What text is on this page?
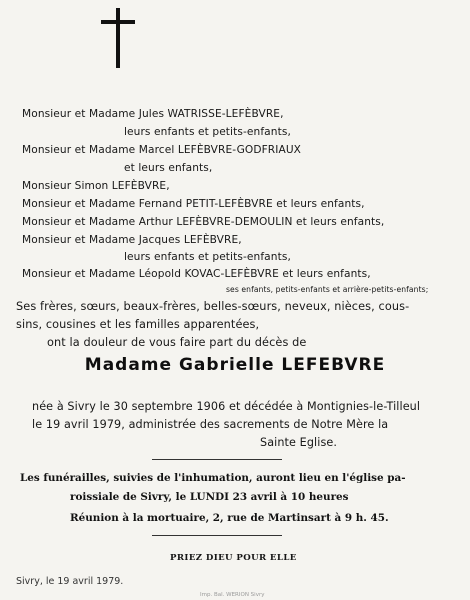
Monsieur et Madame Jules WATRISSE-LEFÈBVRE,
leurs enfants et petits-enfants,
Monsieur et Madame Marcel LEFÈBVRE-GODFRIAUX
et leurs enfants,
Monsieur Simon LEFÈBVRE,
Monsieur et Madame Fernand PETIT-LEFÈBVRE et leurs enfants,
Monsieur et Madame Arthur LEFÈBVRE-DEMOULIN et leurs enfants,
Monsieur et Madame Jacques LEFÈBVRE,
leurs enfants et petits-enfants,
Monsieur et Madame Léopold KOVAC-LEFÈBVRE et leurs enfants,
ses enfants, petits-enfants et arrière-petits-enfants;
Ses frères, sœurs, beaux-frères, belles-sœurs, neveux, nièces, cous-
sins, cousines et les familles apparentées,
ont la douleur de vous faire part du décès de
Madame Gabrielle LEFEBVRE
née à Sivry le 30 septembre 1906 et décédée à Montignies-le-Tilleul
le 19 avril 1979, administrée des sacrements de Notre Mère la
Sainte Eglise.
Les funérailles, suivies de l'inhumation, auront lieu en l'église pa-
roissiale de Sivry, le LUNDI 23 avril à 10 heures
Réunion à la mortuaire, 2, rue de Martinsart à 9 h. 45.
PRIEZ DIEU POUR ELLE
Sivry, le 19 avril 1979.
Imp. Bal. WERION Sivry
